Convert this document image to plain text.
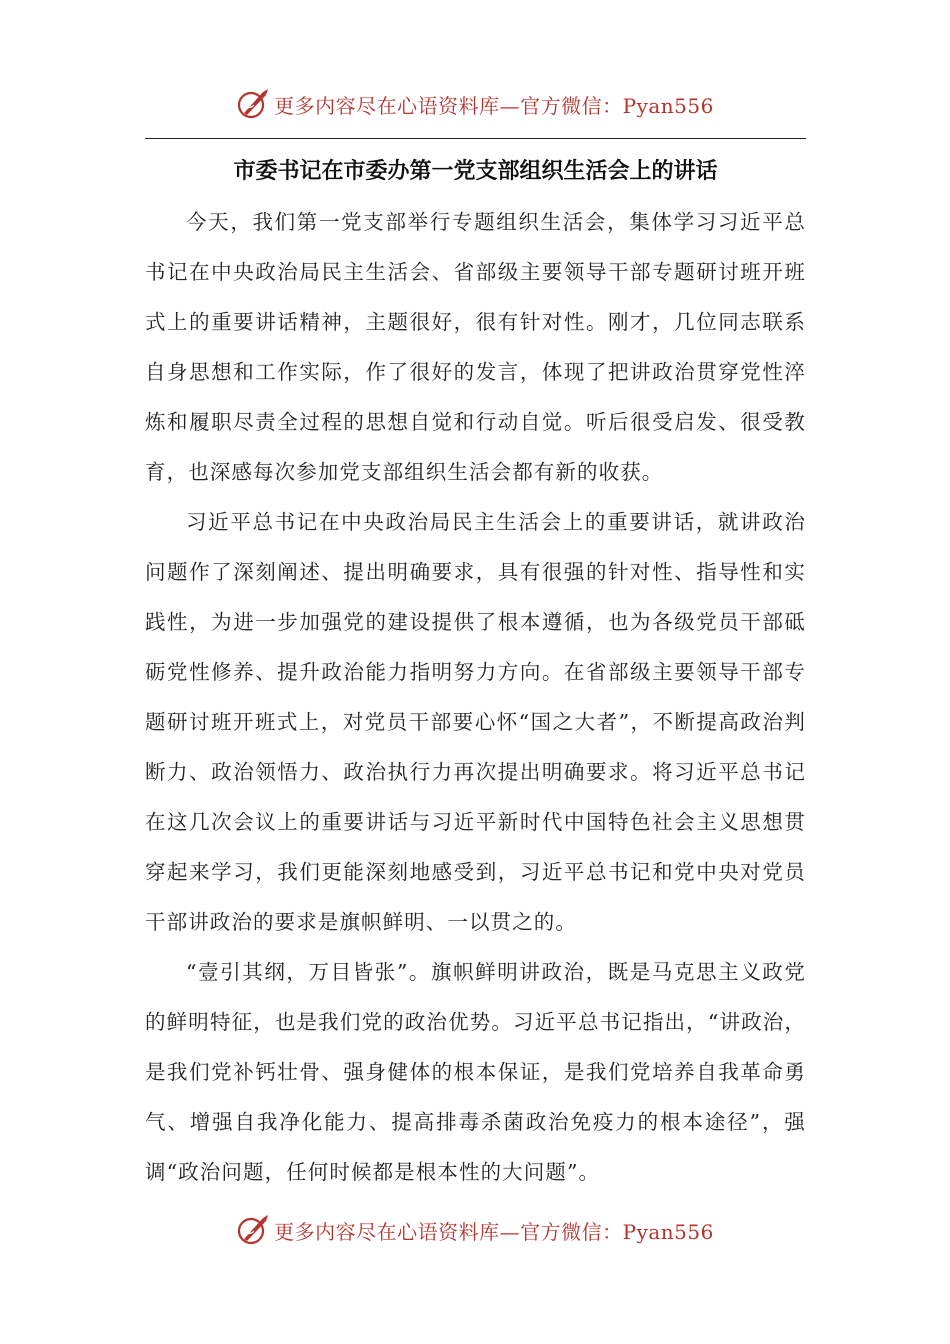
更多内容尽在心语资料库—官方微信：Pyan556
市委书记在市委办第一党支部组织生活会上的讲话

今天，我们第一党支部举行专题组织生活会，集体学习习近平总书记在中央政治局民主生活会、省部级主要领导干部专题研讨班开班式上的重要讲话精神，主题很好，很有针对性。刚才，几位同志联系自身思想和工作实际，作了很好的发言，体现了把讲政治贯穿党性淬炼和履职尽责全过程的思想自觉和行动自觉。听后很受启发、很受教育，也深感每次参加党支部组织生活会都有新的收获。

习近平总书记在中央政治局民主生活会上的重要讲话，就讲政治问题作了深刻阐述、提出明确要求，具有很强的针对性、指导性和实践性，为进一步加强党的建设提供了根本遵循，也为各级党员干部砥砺党性修养、提升政治能力指明努力方向。在省部级主要领导干部专题研讨班开班式上，对党员干部要心怀“国之大者”，不断提高政治判断力、政治领悟力、政治执行力再次提出明确要求。将习近平总书记在这几次会议上的重要讲话与习近平新时代中国特色社会主义思想贯穿起来学习，我们更能深刻地感受到，习近平总书记和党中央对党员干部讲政治的要求是旗帜鲜明、一以贯之的。

“壹引其纲，万目皆张”。旗帜鲜明讲政治，既是马克思主义政党的鲜明特征，也是我们党的政治优势。习近平总书记指出，“讲政治，是我们党补钙壮骨、强身健体的根本保证，是我们党培养自我革命勇气、增强自我净化能力、提高排毒杀菌政治免疫力的根本途径”，强调“政治问题，任何时候都是根本性的大问题”。

更多内容尽在心语资料库—官方微信：Pyan556
